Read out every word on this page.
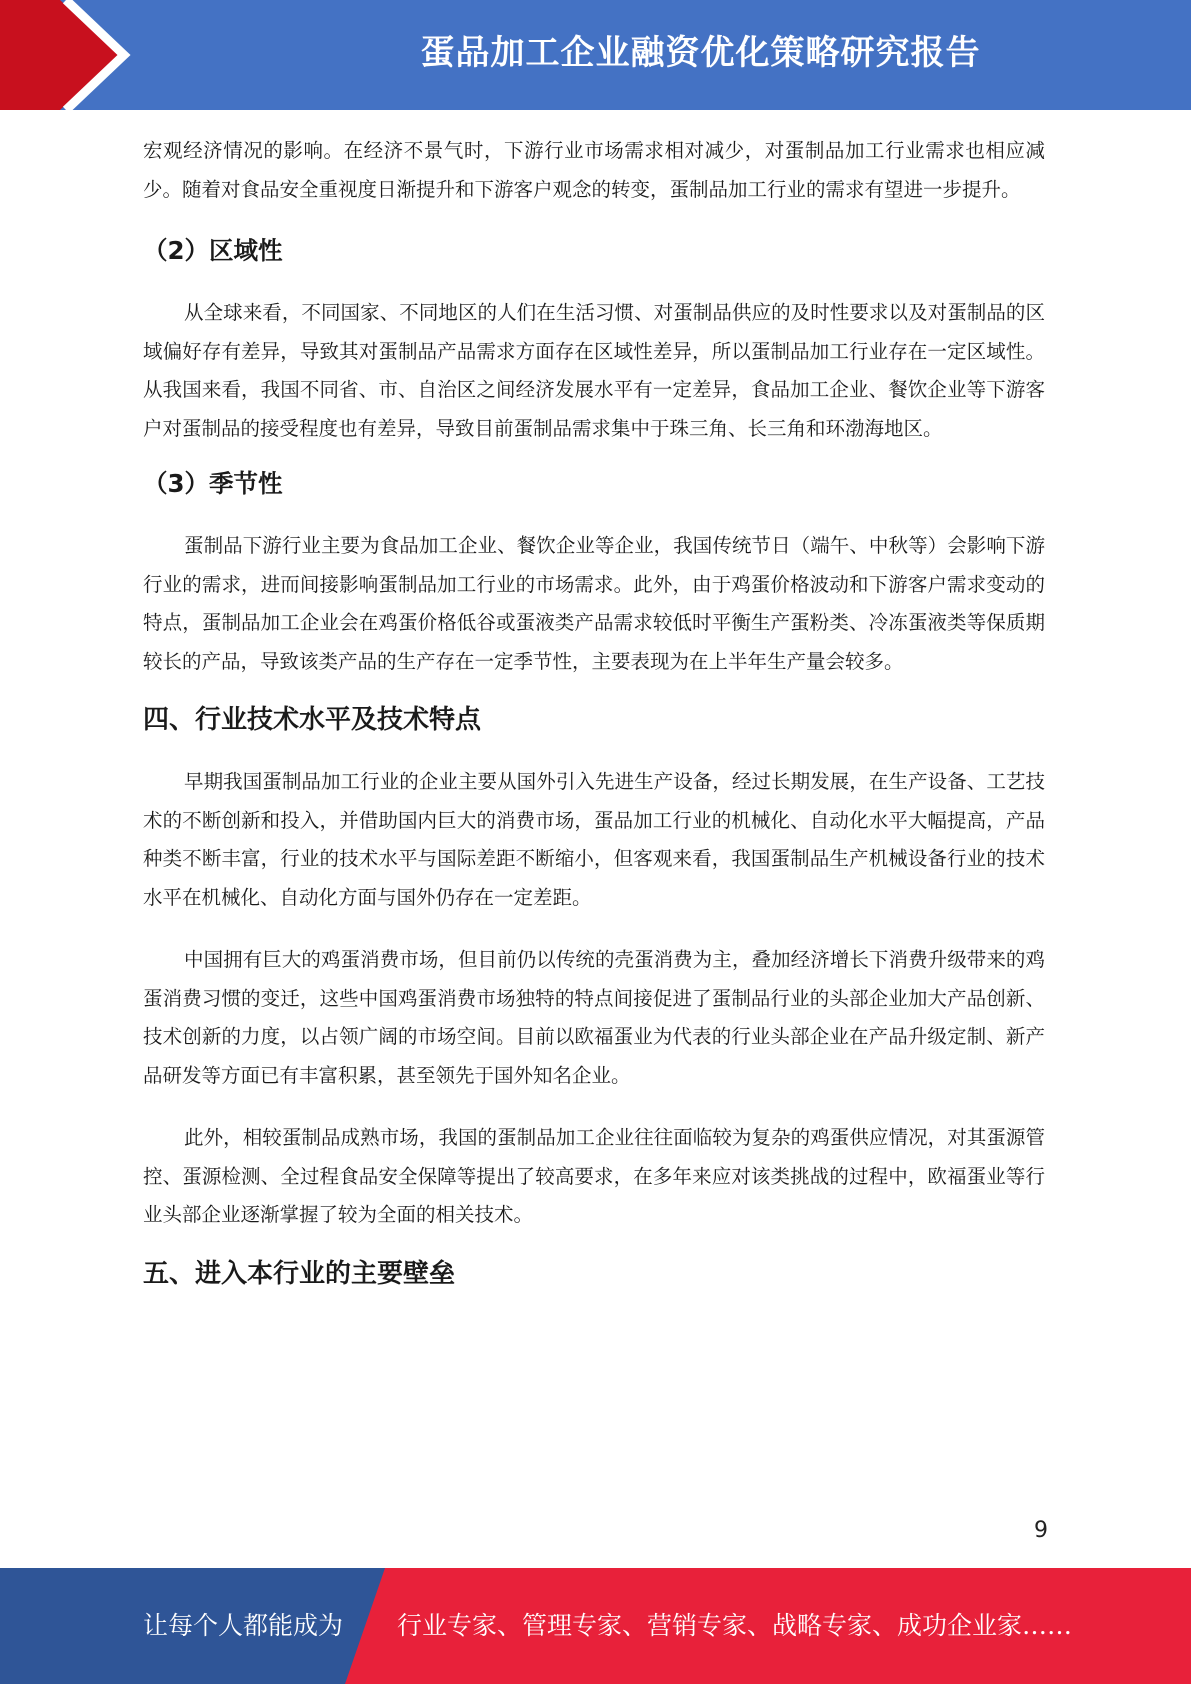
蛋品加工企业融资优化策略研究报告

宏观经济情况的影响。在经济不景气时，下游行业市场需求相对减少，对蛋制品加工行业需求也相应减少。随着对食品安全重视度日渐提升和下游客户观念的转变，蛋制品加工行业的需求有望进一步提升。

（2）区域性

从全球来看，不同国家、不同地区的人们在生活习惯、对蛋制品供应的及时性要求以及对蛋制品的区域偏好存有差异，导致其对蛋制品产品需求方面存在区域性差异，所以蛋制品加工行业存在一定区域性。从我国来看，我国不同省、市、自治区之间经济发展水平有一定差异，食品加工企业、餐饮企业等下游客户对蛋制品的接受程度也有差异，导致目前蛋制品需求集中于珠三角、长三角和环渤海地区。

（3）季节性

蛋制品下游行业主要为食品加工企业、餐饮企业等企业，我国传统节日（端午、中秋等）会影响下游行业的需求，进而间接影响蛋制品加工行业的市场需求。此外，由于鸡蛋价格波动和下游客户需求变动的特点，蛋制品加工企业会在鸡蛋价格低谷或蛋液类产品需求较低时平衡生产蛋粉类、冷冻蛋液类等保质期较长的产品，导致该类产品的生产存在一定季节性，主要表现为在上半年生产量会较多。

四、行业技术水平及技术特点

早期我国蛋制品加工行业的企业主要从国外引入先进生产设备，经过长期发展，在生产设备、工艺技术的不断创新和投入，并借助国内巨大的消费市场，蛋品加工行业的机械化、自动化水平大幅提高，产品种类不断丰富，行业的技术水平与国际差距不断缩小，但客观来看，我国蛋制品生产机械设备行业的技术水平在机械化、自动化方面与国外仍存在一定差距。

中国拥有巨大的鸡蛋消费市场，但目前仍以传统的壳蛋消费为主，叠加经济增长下消费升级带来的鸡蛋消费习惯的变迁，这些中国鸡蛋消费市场独特的特点间接促进了蛋制品行业的头部企业加大产品创新、技术创新的力度，以占领广阔的市场空间。目前以欧福蛋业为代表的行业头部企业在产品升级定制、新产品研发等方面已有丰富积累，甚至领先于国外知名企业。

此外，相较蛋制品成熟市场，我国的蛋制品加工企业往往面临较为复杂的鸡蛋供应情况，对其蛋源管控、蛋源检测、全过程食品安全保障等提出了较高要求，在多年来应对该类挑战的过程中，欧福蛋业等行业头部企业逐渐掌握了较为全面的相关技术。

五、进入本行业的主要壁垒
9
让每个人都能成为 行业专家、管理专家、营销专家、战略专家、成功企业家……
